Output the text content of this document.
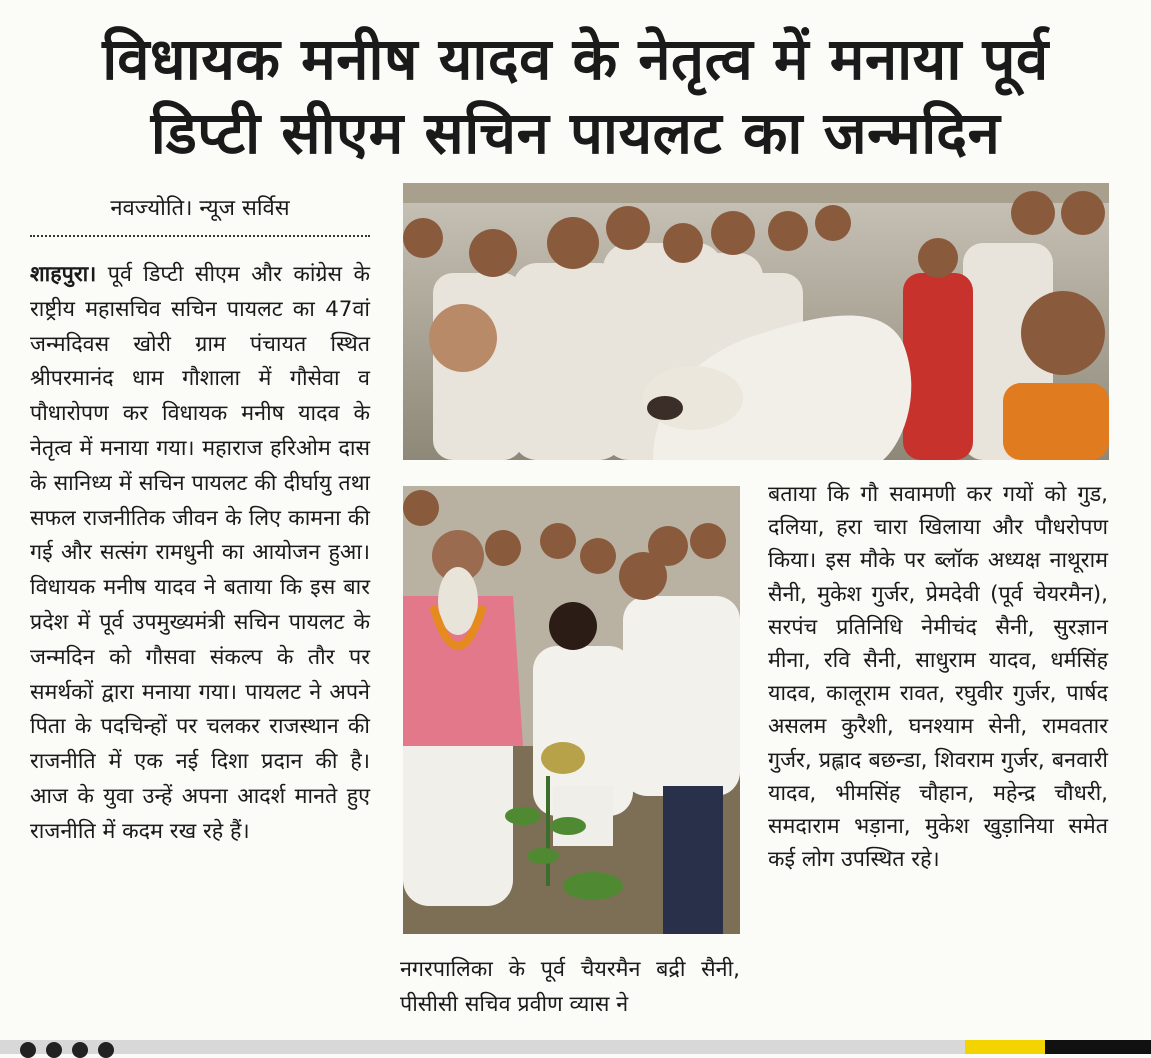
विधायक मनीष यादव के नेतृत्व में मनाया पूर्व
डिप्टी सीएम सचिन पायलट का जन्मदिन
नवज्योति। न्यूज सर्विस
शाहपुरा। पूर्व डिप्टी सीएम और कांग्रेस के राष्ट्रीय महासचिव सचिन पायलट का 47वां जन्मदिवस खोरी ग्राम पंचायत स्थित श्रीपरमानंद धाम गौशाला में गौसेवा व पौधारोपण कर विधायक मनीष यादव के नेतृत्व में मनाया गया। महाराज हरिओम दास के सानिध्य में सचिन पायलट की दीर्घायु तथा सफल राजनीतिक जीवन के लिए कामना की गई और सत्संग रामधुनी का आयोजन हुआ। विधायक मनीष यादव ने बताया कि इस बार प्रदेश में पूर्व उपमुख्यमंत्री सचिन पायलट के जन्मदिन को गौसवा संकल्प के तौर पर समर्थकों द्वारा मनाया गया। पायलट ने अपने पिता के पदचिन्हों पर चलकर राजस्थान की राजनीति में एक नई दिशा प्रदान की है। आज के युवा उन्हें अपना आदर्श मानते हुए राजनीति में कदम रख रहे हैं।
नगरपालिका के पूर्व चैयरमैन बद्री सैनी, पीसीसी सचिव प्रवीण व्यास ने
बताया कि गौ सवामणी कर गयों को गुड, दलिया, हरा चारा खिलाया और पौधरोपण किया। इस मौके पर ब्लॉक अध्यक्ष नाथूराम सैनी, मुकेश गुर्जर, प्रेमदेवी (पूर्व चेयरमैन), सरपंच प्रतिनिधि नेमीचंद सैनी, सुरज्ञान मीना, रवि सैनी, साधुराम यादव, धर्मसिंह यादव, कालूराम रावत, रघुवीर गुर्जर, पार्षद असलम कुरैशी, घनश्याम सेनी, रामवतार गुर्जर, प्रह्लाद बछन्डा, शिवराम गुर्जर, बनवारी यादव, भीमसिंह चौहान, महेन्द्र चौधरी, समदाराम भड़ाना, मुकेश खुड़ानिया समेत कई लोग उपस्थित रहे।
